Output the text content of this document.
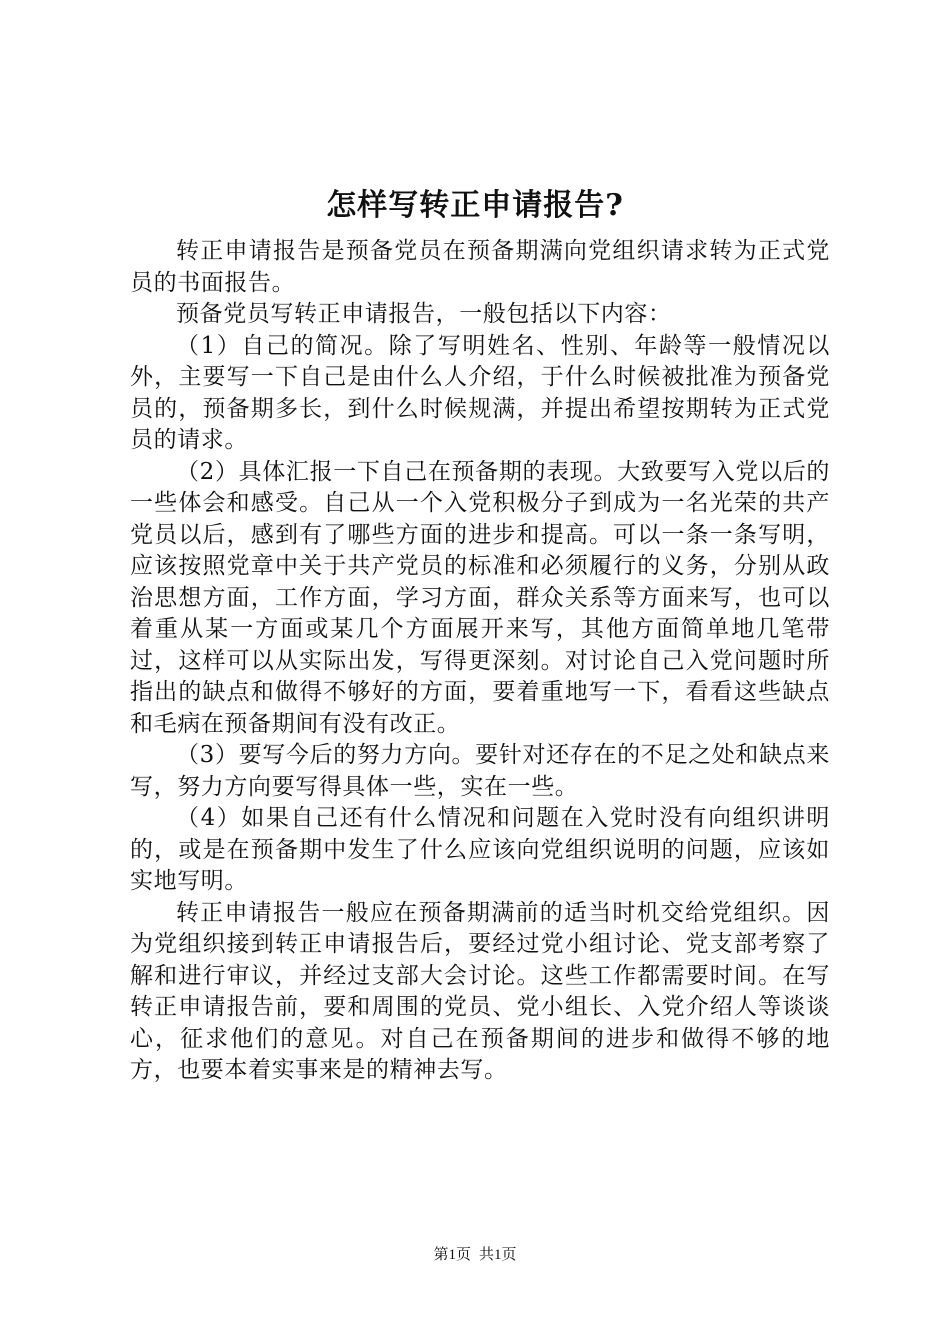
怎样写转正申请报告?

转正申请报告是预备党员在预备期满向党组织请求转为正式党员的书面报告。

预备党员写转正申请报告，一般包括以下内容：

（1）自己的简况。除了写明姓名、性别、年龄等一般情况以外，主要写一下自己是由什么人介绍，于什么时候被批准为预备党员的，预备期多长，到什么时候规满，并提出希望按期转为正式党员的请求。

（2）具体汇报一下自己在预备期的表现。大致要写入党以后的一些体会和感受。自己从一个入党积极分子到成为一名光荣的共产党员以后，感到有了哪些方面的进步和提高。可以一条一条写明，应该按照党章中关于共产党员的标准和必须履行的义务，分别从政治思想方面，工作方面，学习方面，群众关系等方面来写，也可以着重从某一方面或某几个方面展开来写，其他方面简单地几笔带过，这样可以从实际出发，写得更深刻。对讨论自己入党问题时所指出的缺点和做得不够好的方面，要着重地写一下，看看这些缺点和毛病在预备期间有没有改正。

（3）要写今后的努力方向。要针对还存在的不足之处和缺点来写，努力方向要写得具体一些，实在一些。

（4）如果自己还有什么情况和问题在入党时没有向组织讲明的，或是在预备期中发生了什么应该向党组织说明的问题，应该如实地写明。

转正申请报告一般应在预备期满前的适当时机交给党组织。因为党组织接到转正申请报告后，要经过党小组讨论、党支部考察了解和进行审议，并经过支部大会讨论。这些工作都需要时间。在写转正申请报告前，要和周围的党员、党小组长、入党介绍人等谈谈心，征求他们的意见。对自己在预备期间的进步和做得不够的地方，也要本着实事来是的精神去写。

第1页 共1页
